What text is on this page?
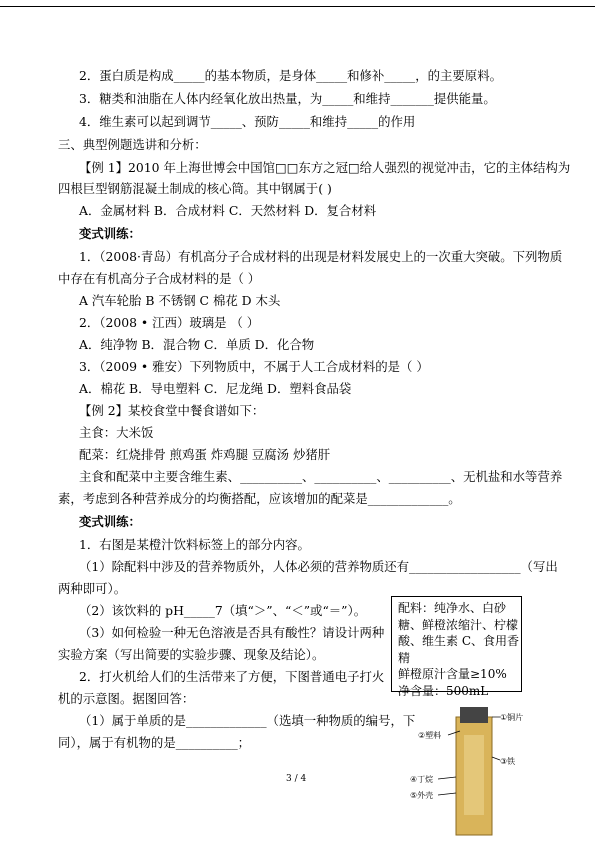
2．蛋白质是构成_____的基本物质，是身体_____和修补_____，的主要原料。
3．糖类和油脂在人体内经氧化放出热量，为_____和维持_______提供能量。
4．维生素可以起到调节_____、预防_____和维持_____的作用
三、典型例题选讲和分析：
【例 1】2010 年上海世博会中国馆□□东方之冠□给人强烈的视觉冲击，它的主体结构为
四根巨型钢筋混凝土制成的核心筒。其中钢属于( )
A．金属材料 B．合成材料 C．天然材料 D．复合材料
变式训练：
1．（2008·青岛）有机高分子合成材料的出现是材料发展史上的一次重大突破。下列物质
中存在有机高分子合成材料的是（ ）
A 汽车轮胎 B 不锈钢 C 棉花 D 木头
2．（2008 • 江西）玻璃是 （ ）
A．纯净物 B．混合物 C．单质 D．化合物
3．（2009 • 雅安）下列物质中，不属于人工合成材料的是（ ）
A．棉花 B．导电塑料 C．尼龙绳 D．塑料食品袋
【例 2】某校食堂中餐食谱如下：
主食：大米饭
配菜：红烧排骨 煎鸡蛋 炸鸡腿 豆腐汤 炒猪肝
主食和配菜中主要含维生素、__________、__________、__________、无机盐和水等营养
素，考虑到各种营养成分的均衡搭配，应该增加的配菜是_____________。
变式训练：
1．右图是某橙汁饮料标签上的部分内容。
（1）除配料中涉及的营养物质外，人体必须的营养物质还有__________________（写出
两种即可）。
（2）该饮料的 pH_____7（填“＞”、“＜”或“＝”）。
（3）如何检验一种无色溶液是否具有酸性？请设计两种
实验方案（写出简要的实验步骤、现象及结论）。
2．打火机给人们的生活带来了方便，下图普通电子打火
机的示意图。据图回答：
（1）属于单质的是_____________（选填一种物质的编号，下
同），属于有机物的是__________；
配料：纯净水、白砂
糖、鲜橙浓缩汁、柠檬
酸、维生素 C、食用香
精
鲜橙原汁含量≥10%
净含量：500mL
①铜片
②塑料
③铁
④丁烷
⑤外壳
3 / 4
